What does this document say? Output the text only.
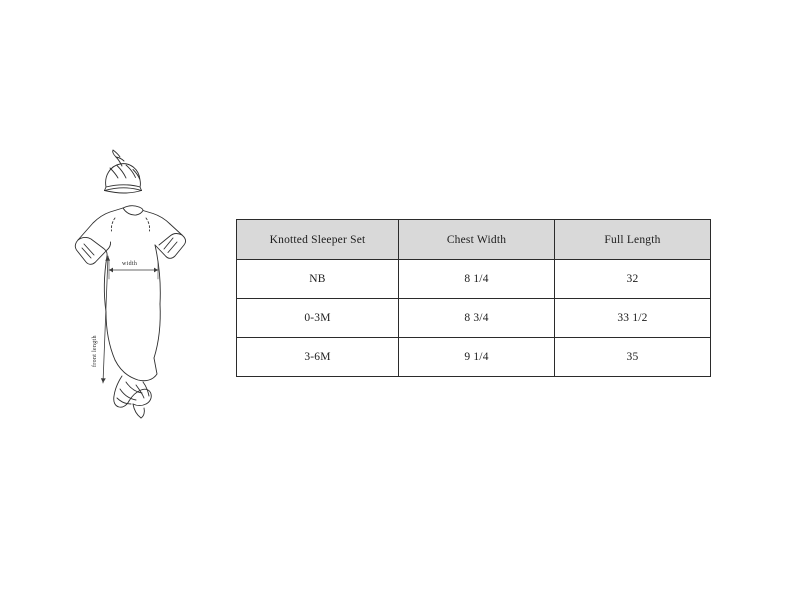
width
front length
Knotted Sleeper Set	Chest Width	Full Length
NB	8 1/4	32
0-3M	8 3/4	33 1/2
3-6M	9 1/4	35
